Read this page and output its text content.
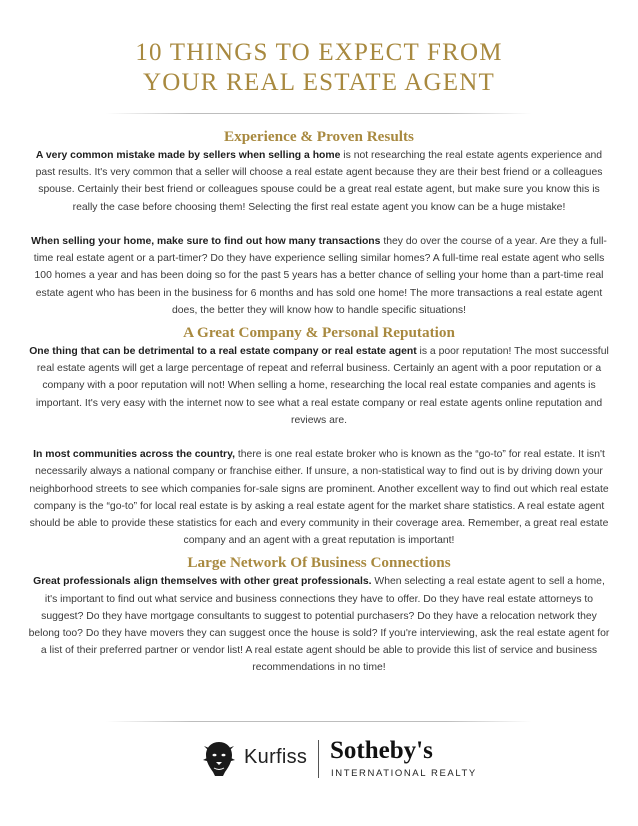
10 THINGS TO EXPECT FROM
YOUR REAL ESTATE AGENT
Experience & Proven Results

A very common mistake made by sellers when selling a home is not researching the real estate agents experience and past results. It's very common that a seller will choose a real estate agent because they are their best friend or a colleagues spouse. Certainly their best friend or colleagues spouse could be a great real estate agent, but make sure you know this is really the case before choosing them! Selecting the first real estate agent you know can be a huge mistake!

When selling your home, make sure to find out how many transactions they do over the course of a year. Are they a full-time real estate agent or a part-timer? Do they have experience selling similar homes? A full-time real estate agent who sells 100 homes a year and has been doing so for the past 5 years has a better chance of selling your home than a part-time real estate agent who has been in the business for 6 months and has sold one home! The more transactions a real estate agent does, the better they will know how to handle specific situations!

A Great Company & Personal Reputation

One thing that can be detrimental to a real estate company or real estate agent is a poor reputation! The most successful real estate agents will get a large percentage of repeat and referral business. Certainly an agent with a poor reputation or a company with a poor reputation will not! When selling a home, researching the local real estate companies and agents is important. It's very easy with the internet now to see what a real estate company or real estate agents online reputation and reviews are.

In most communities across the country, there is one real estate broker who is known as the “go-to” for real estate. It isn't necessarily always a national company or franchise either. If unsure, a non-statistical way to find out is by driving down your neighborhood streets to see which companies for-sale signs are prominent. Another excellent way to find out which real estate company is the “go-to” for local real estate is by asking a real estate agent for the market share statistics. A real estate agent should be able to provide these statistics for each and every community in their coverage area. Remember, a great real estate company and an agent with a great reputation is important!

Large Network Of Business Connections

Great professionals align themselves with other great professionals. When selecting a real estate agent to sell a home, it's important to find out what service and business connections they have to offer. Do they have real estate attorneys to suggest? Do they have mortgage consultants to suggest to potential purchasers? Do they have a relocation network they belong too? Do they have movers they can suggest once the house is sold? If you're interviewing, ask the real estate agent for a list of their preferred partner or vendor list! A real estate agent should be able to provide this list of service and business recommendations in no time!

Kurfiss Sotheby's
INTERNATIONAL REALTY
